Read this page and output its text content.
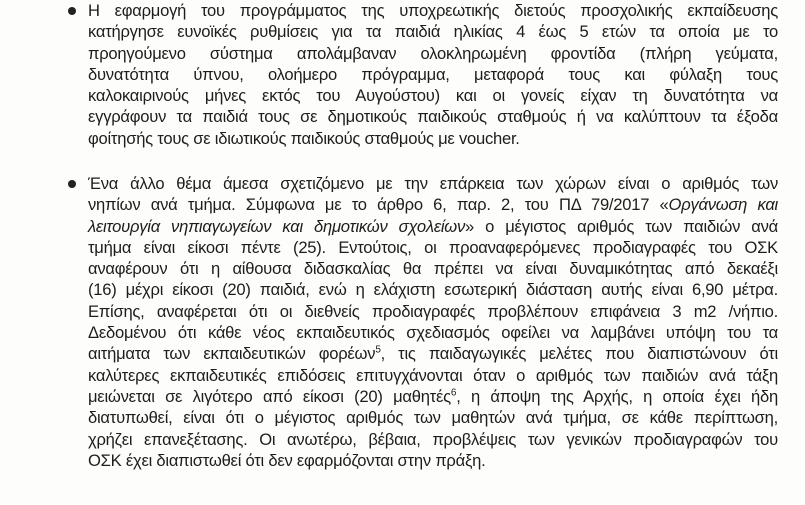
Η εφαρμογή του προγράμματος της υποχρεωτικής διετούς προσχολικής εκπαίδευσης
κατήργησε ευνοϊκές ρυθμίσεις για τα παιδιά ηλικίας 4 έως 5 ετών τα οποία με το
προηγούμενο σύστημα απολάμβαναν ολοκληρωμένη φροντίδα (πλήρη γεύματα,
δυνατότητα ύπνου, ολοήμερο πρόγραμμα, μεταφορά τους και φύλαξη τους
καλοκαιρινούς μήνες εκτός του Αυγούστου) και οι γονείς είχαν τη δυνατότητα να
εγγράφουν τα παιδιά τους σε δημοτικούς παιδικούς σταθμούς ή να καλύπτουν τα έξοδα
φοίτησής τους σε ιδιωτικούς παιδικούς σταθμούς με voucher.
Ένα άλλο θέμα άμεσα σχετιζόμενο με την επάρκεια των χώρων είναι ο αριθμός των
νηπίων ανά τμήμα. Σύμφωνα με το άρθρο 6, παρ. 2, του ΠΔ 79/2017 «Οργάνωση και
λειτουργία νηπιαγωγείων και δημοτικών σχολείων» ο μέγιστος αριθμός των παιδιών ανά
τμήμα είναι είκοσι πέντε (25). Εντούτοις, οι προαναφερόμενες προδιαγραφές του ΟΣΚ
αναφέρουν ότι η αίθουσα διδασκαλίας θα πρέπει να είναι δυναμικότητας από δεκαέξι
(16) μέχρι είκοσι (20) παιδιά, ενώ η ελάχιστη εσωτερική διάσταση αυτής είναι 6,90 μέτρα.
Επίσης, αναφέρεται ότι οι διεθνείς προδιαγραφές προβλέπουν επιφάνεια 3 m2 /νήπιο.
Δεδομένου ότι κάθε νέος εκπαιδευτικός σχεδιασμός οφείλει να λαμβάνει υπόψη του τα
αιτήματα των εκπαιδευτικών φορέων$^5$, τις παιδαγωγικές μελέτες που διαπιστώνουν ότι
καλύτερες εκπαιδευτικές επιδόσεις επιτυγχάνονται όταν ο αριθμός των παιδιών ανά τάξη
μειώνεται σε λιγότερο από είκοσι (20) μαθητές$^6$, η άποψη της Αρχής, η οποία έχει ήδη
διατυπωθεί, είναι ότι ο μέγιστος αριθμός των μαθητών ανά τμήμα, σε κάθε περίπτωση,
χρήζει επανεξέτασης. Οι ανωτέρω, βέβαια, προβλέψεις των γενικών προδιαγραφών του
ΟΣΚ έχει διαπιστωθεί ότι δεν εφαρμόζονται στην πράξη.
